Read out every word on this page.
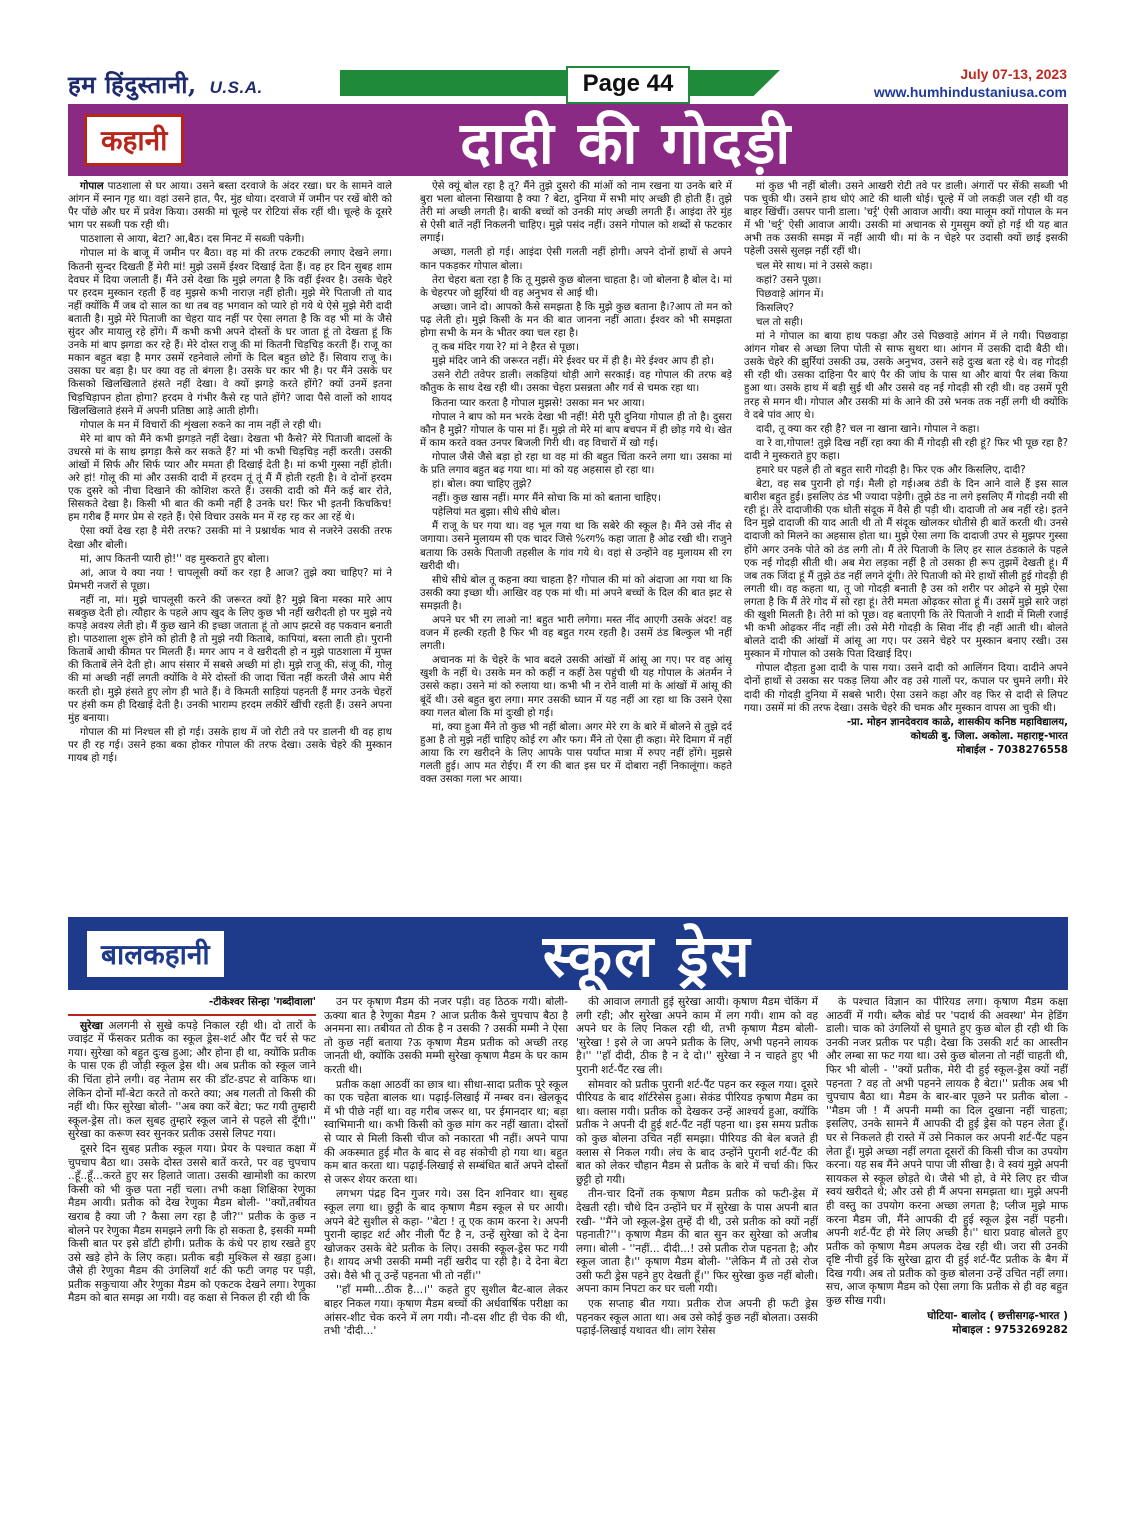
हम हिंदुस्तानी, U.S.A.	Page 44	July 07-13, 2023
www.humhindustaniusa.com
कहानी	दादी की गोदड़ी

गोपाल पाठशाला से घर आया। उसने बस्ता दरवाजे के अंदर रखा। घर के सामने वाले आंगन में स्नान गृह था। वहां उसने हात, पैर, मुंह धोया। दरवाजे में जमीन पर रखें बोरी को पैर पोंछे और घर में प्रवेश किया। उसकी मां चूल्हे पर रोटियां सेंक रहीं थी। चूल्हे के दूसरे भाग पर सब्जी पक रही थी।

पाठशाला से आया, बेटा? आ,बैठ। दस मिनट में सब्जी पकेगी।

गोपाल मां के बाजू में जमीन पर बैठा। वह मां की तरफ टकटकी लगाए देखने लगा। कितनी सुन्दर दिखती हैं मेरी मां! मुझे उसमें ईश्वर दिखाई देता हैं। वह हर दिन सुबह शाम देवघर में दिया जलाती हैं। मैंने उसे देखा कि मुझे लगता है कि वहीं ईश्वर है। उसके चेहरे पर हरदम मुस्कान रहती हैं वह मुझसे कभी नाराज़ नहीं होती। मुझे मेरे पिताजी तो याद नहीं क्योंकि मैं जब दो साल का था तब वह भगवान को प्यारे हो गये थे ऐसे मुझे मेरी दादी बताती है। मुझे मेरे पिताजी का चेहरा याद नहीं पर ऐसा लगता है कि वह भी मां के जैसे सुंदर और मायालु रहे होंगे। मैं कभी कभी अपने दोस्तों के घर जाता हूं तो देखता हूं कि उनके मां बाप झगडा कर रहे हैं। मेरे दोस्त राजु की मां कितनी चिड़चिड़ करती हैं। राजू का मकान बहुत बड़ा है मगर उसमें रहनेवाले लोगों के दिल बहुत छोटे हैं। सिवाय राजू के। उसका घर बड़ा है। घर क्या वह तो बंगला है। उसके घर कार भी है। पर मैंने उसके घर किसको खिलखिलाते हंसते नहीं देखा। वे क्यों झगड़े करते होंगे? क्यों उनमें इतना चिड़चिड़ापन होता होगा? हरदम वे गंभीर कैसे रह पाते होंगे? जादा पैसे वालों को शायद खिलखिलाते हंसने में अपनी प्रतिष्ठा आड़े आती होगी।

गोपाल के मन में विचारों की शृंखला रुकने का नाम नहीं ले रही थी।

मेरे मां बाप को मैंने कभी झगड़ते नहीं देखा। देखता भी कैसे? मेरे पिताजी बादलों के उधरसे मां के साथ झगड़ा कैसे कर सकते हैं? मां भी कभी चिड़चिड़ नहीं करती। उसकी आंखों में सिर्फ और सिर्फ प्यार और ममता ही दिखाई देती है। मां कभी गुस्सा नहीं होती। अरे हां! गोलू की मां और उसकी दादी में हरदम तूं तूं मैं मैं होती रहती है। वे दोनों हरदम एक दुसरे को नीचा दिखाने की कोशिश करते हैं। उसकी दादी को मैंने कई बार रोते, सिसकते देखा है। किसी भी बात की कमी नहीं है उनके घर! फिर भी इतनी किचकिच! हम गरीब हैं मगर प्रेम से रहते हैं। ऐसे विचार उसके मन में रह रह कर आ रहें थे।

ऐसा क्यों देख रहा है मेरी तरफ? उसकी मां ने प्रश्नार्थक भाव से नजरेने उसकी तरफ देखा और बोली।

मां, आप कितनी प्यारी हो!'' वह मुस्कराते हुए बोला।

आं, आज ये क्या नया ! चापलूसी क्यों कर रहा है आज? तुझे क्या चाहिए? मां ने प्रेमभरी नजरों से पूछा।

नहीं ना, मां। मुझे चापलूसी करने की जरूरत क्यों है? मुझे बिना मस्का मारे आप सबकुछ देती हो। त्यौहार के पहले आप खुद के लिए कुछ भी नहीं खरीदती हो पर मुझे नये कपड़े अवश्य लेती हो। मैं कुछ खाने की इच्छा जताता हूं तो आप झटसे वह पकवान बनाती हो। पाठशाला शुरू होने को होती है तो मुझे नयी किताबे, कापियां, बस्ता लाती हो। पुरानी किताबें आधी कीमत पर मिलती हैं। मगर आप न वे खरीदती हो न मुझे पाठशाला में मुफ्त की किताबें लेने देती हो। आप संसार में सबसे अच्छी मां हो। मुझे राजू की, संजू की, गोलू की मां अच्छी नहीं लगती क्योंकि वे मेरे दोस्तों की जादा चिंता नहीं करती जैसे आप मेरी करती हो। मुझे हंसते हुए लोग ही भाते हैं। वे किमती साड़ियां पहनती हैं मगर उनके चेहरों पर हंसी कम ही दिखाई देती है। उनकी भाराम्प हरदम लकीरें खींची रहती हैं। उसने अपना मुंह बनाया।

गोपाल की मां निश्चल सी हो गई। उसके हाथ में जो रोटी तवे पर डालनी थी वह हाथ पर ही रह गई। उसने हका बका होकर गोपाल की तरफ देखा। उसके चेहरे की मुस्कान गायब हो गई।

ऐसे क्यूं बोल रहा है तू? मैंने तुझे दुसरो की मांओं को नाम रखना या उनके बारे में बुरा भला बोलना सिखाया है क्या ? बेटा, दुनिया में सभी मांए अच्छी ही होती हैं। तुझे तेरी मां अच्छी लगती है। बाकी बच्चों को उनकी मांए अच्छी लगती हैं। आइंदा तेरे मुंह से ऐसी बातें नहीं निकलनी चाहिए। मुझे पसंद नहीं। उसने गोपाल को शब्दों से फटकार लगाई।

अच्छा, गलती हो गई। आइंदा ऐसी गलती नहीं होगी। अपने दोनों हाथों से अपने कान पकड़कर गोपाल बोला।

तेरा चेहरा बता रहा है कि तू मुझसे कुछ बोलना चाहता है। जो बोलना है बोल दे। मां के चेहरपर जो झुर्रियां थी वह अनुभव से आई थी।

अच्छा। जाने दो। आपको कैसे समझता है कि मुझे कुछ बताना है।?आप तो मन को पढ़ लेती हो। मुझे किसी के मन की बात जानना नहीं आता। ईश्वर को भी समझता होगा सभी के मन के भीतर क्या चल रहा है।

तू कब मंदिर गया रे? मां ने हैरत से पूछा।

मुझे मंदिर जाने की जरूरत नहीं। मेरे ईश्वर घर में ही है। मेरे ईश्वर आप ही हो।

उसने रोटी तवेपर डाली। लकड़ियां थोड़ी आगे सरकाई। वह गोपाल की तरफ बड़े कौतुक के साथ देख रही थी। उसका चेहरा प्रसन्नता और गर्व से चमक रहा था।

कितना प्यार करता है गोपाल मुझसे! उसका मन भर आया।

गोपाल ने बाप को मन भरके देखा भी नहीं! मेरी पूरी दुनिया गोपाल ही तो है। दुसरा कौन है मुझे? गोपाल के पास मां हैं। मुझे तो मेरे मां बाप बचपन में ही छोड़ गये थे। खेत में काम करते वक्त उनपर बिजली गिरी थी। वह विचारों में खो गई।

गोपाल जैसे जैसे बड़ा हो रहा था वह मां की बहुत चिंता करने लगा था। उसका मां के प्रति लगाव बहुत बढ़ गया था। मां को यह अहसास हो रहा था।

हां। बोल। क्या चाहिए तुझे?

नहीं। कुछ खास नहीं। मगर मैंने सोचा कि मां को बताना चाहिए।

पहेलियां मत बुझा। सीधे सीधे बोल।

मैं राजू के घर गया था। वह भूल गया था कि सबेरे की स्कूल है। मैंने उसे नींद से जगाया। उसने मुलायम सी एक चादर जिसे %रग% कहा जाता है ओढ रखी थी। राजुने बताया कि उसके पिताजी तहसील के गांव गये थे। वहां से उन्होंने वह मुलायम सी रग खरीदी थी।

सीधे सीधे बोल तू कहना क्या चाहता है? गोपाल की मां को अंदाजा आ गया था कि उसकी क्या इच्छा थी। आखिर वह एक मां थी। मां अपने बच्चों के दिल की बात झट से समझती है।

अपने घर भी रग लाओ ना! बहुत भारी लगेगा। मस्त नींद आएगी उसके अंदर! वह वजन में हल्की रहती है फिर भी वह बहुत गरम रहती है। उसमें ठंड बिल्कुल भी नहीं लगती।

अचानक मां के चेहरे के भाव बदले उसकी आंखों में आंसू आ गए। पर वह आंसू खुशी के नहीं थे। उसके मन को कहीं न कहीं ठेस पहुंची थी यह गोपाल के अंतर्मन ने उससे कहा। उसने मां को रुलाया था। कभी भी न रोने वाली मां के आंखों में आंसू की बूंदें थी। उसे बहुत बुरा लगा। मगर उसकी ध्यान में यह नहीं आ रहा था कि उसने ऐसा क्या गलत बोला कि मां दुःखी हो गई।

मां, क्या हुआ मैंने तो कुछ भी नहीं बोला। अगर मेरे रग के बारे में बोलने से तुझे दर्द हुआ है तो मुझे नहीं चाहिए कोई रग और फग। मैंने तो ऐसा ही कहा। मेरे दिमाग में नहीं आया कि रग खरीदने के लिए आपके पास पर्याप्त मात्रा में रुपए नहीं होंगे। मुझसे गलती हुई। आप मत रोईए। मैं रग की बात इस घर में दोबारा नहीं निकालूंगा। कहते वक्त उसका गला भर आया।

मां कुछ भी नहीं बोली। उसने आखरी रोटी तवे पर डाली। अंगारों पर सेंकी सब्जी भी पक चुकी थी। उसने हाथ धोएं आटे की थाली धोई। चूल्हे में जो लकड़ी जल रही थी वह बाहर खिंचीं। उसपर पानी डाला। 'चर्र्र' ऐसी आवाज आयी। क्या मालूम क्यों गोपाल के मन में भी 'चर्र्र' ऐसी आवाज आयी। उसकी मां अचानक से गुमसुम क्यों हो गई थी यह बात अभी तक उसकी समझ में नहीं आयी थी। मां के न चेहरे पर उदासी क्यों छाई इसकी पहेली उससे सुलझ नहीं रहीं थी।

चल मेरे साथ। मां ने उससे कहा।

कहां? उसने पूछा।

पिछवाड़े आंगन में।

किसलिए?

चल तो सही।

मां ने गोपाल का बाया हाथ पकड़ा और उसे पिछवाड़े आंगन में ले गयी। पिछवाड़ा आंगन गोबर से अच्छा लिपा पोती से साफ सुथरा था। आंगन में उसकी दादी बैठी थी। उसके चेहरे की झुर्रियां उसकी उम्र, उसके अनुभव, उसने सहे दुःख बता रहे थे। वह गोदड़ी सी रही थी। उसका दाहिना पैर बाएं पैर की जांघ के पास था और बायां पैर लंबा किया हुआ था। उसके हाथ में बड़ी सुई थी और उससे वह नई गोदड़ी सी रही थी। वह उसमें पूरी तरह से मगन थी। गोपाल और उसकी मां के आने की उसे भनक तक नहीं लगी थी क्योंकि वे दबे पांव आए थे।

दादी, तू क्या कर रही है? चल ना खाना खाने। गोपाल ने कहा।

वा रे वा,गोपाल! तुझे दिख नहीं रहा क्या की मैं गोदड़ी सी रही हूं? फिर भी पूछ रहा है? दादी ने मुस्कराते हुए कहा।

हमारे घर पहले ही तो बहुत सारी गोदड़ी है। फिर एक और किसलिए, दादी?

बेटा, वह सब पुरानी हो गई। मैली हो गई।अब ठंडी के दिन आने वाले हैं इस साल बारीश बहुत हुई। इसलिए ठंड भी ज्यादा पड़ेगी। तुझे ठंड ना लगे इसलिए मैं गोदड़ी नयी सी रही हूं। तेरे दादाजीकी एक धोती संदूक में वैसे ही पड़ी थी। दादाजी तो अब नहीं रहे। इतने दिन मुझे दादाजी की याद आती थी तो मैं संदूक खोलकर धोतीसे ही बातें करती थी। उनसे दादाजी को मिलने का अहसास होता था। मुझे ऐसा लगा कि दादाजी उपर से मुझपर गुस्सा होंगे अगर उनके पोते को ठंड लगी तो। मैं तेरे पिताजी के लिए हर साल ठंडकाले के पहले एक नई गोदड़ी सीती थी। अब मेरा लड़का नहीं है तो उसका ही रूप तुझमें देखती हूं। मैं जब तक जिंदा हूं मैं तुझे ठंड नहीं लगने दूंगी। तेरे पिताजी को मेरे हाथों सीली हुई गोदड़ी ही लगती थी। वह कहता था, तू जो गोदड़ी बनाती है उस को शरीर पर ओढ़ने से मुझे ऐसा लगता है कि मैं तेरे गोद में सो रहा हूं। तेरी ममता ओढ़कर सोता हूं मैं। उसमें मुझे सारे जहां की खुशी मिलती है। तेरी मां को पूछ। वह बताएगी कि तेरे पिताजी ने शादी में मिली रजाई भी कभी ओढ़कर नींद नहीं ली। उसे मेरी गोदड़ी के सिवा नींद ही नहीं आती थी। बोलते बोलते दादी की आंखों में आंसू आ गए। पर उसने चेहरे पर मुस्कान बनाए रखी। उस मुस्कान में गोपाल को उसके पिता दिखाई दिए।

गोपाल दौड़ता हुआ दादी के पास गया। उसने दादी को आलिंगन दिया। दादीने अपने दोनों हाथों से उसका सर पकड़ लिया और वह उसे गालों पर, कपाल पर चुमने लगी। मेरे दादी की गोदड़ी दुनिया में सबसे भारी। ऐसा उसने कहा और वह फिर से दादी से लिपट गया। उसमें मां की तरफ देखा। उसके चेहरे की चमक और मुस्कान वापस आ चुकी थी।

-प्रा. मोहन ज्ञानदेवराव काळे, शासकीय कनिष्ठ महाविद्यालय,

कोथळी बु. जिला. अकोला. महाराष्ट्र-भारत

मोबाईल - 7038276558

बालकहानी	स्कूल ड्रेस
-टीकेश्वर सिन्हा 'गब्दीवाला'

सुरेखा अलगनी से सुखे कपड़े निकाल रही थी। दो तारों के ज्वाइंट में फँसकर प्रतीक का स्कूल ड्रेस-शर्ट और पैंट चर्र से फट गया। सुरेखा को बहुत दुःख हुआ; और होना ही था, क्योंकि प्रतीक के पास एक ही जोड़ी स्कूल ड्रेस थी। अब प्रतीक को स्कूल जाने की चिंता होने लगी। वह नेताम सर की डाँट-डपट से वाकिफ था। लेकिन दोनों माँ-बेटा करते तो करते क्या; अब गलती तो किसी की नहीं थी। फिर सुरेखा बोली- ''अब क्या करें बेटा; फट गयी तुम्हारी स्कूल-ड्रेस तो। कल सुबह तुम्हारे स्कूल जाने से पहले सी दूँगी।'' सुरेखा का करूण स्वर सुनकर प्रतीक उससे लिपट गया।

दूसरे दिन सुबह प्रतीक स्कूल गया। प्रेयर के पश्चात कक्षा में चुपचाप बैठा था। उसके दोस्त उससे बातें करते, पर वह चुपचाप ..हूँ..हूँ...करते हुए सर हिलाते जाता। उसकी खामोशी का कारण किसी को भी कुछ पता नहीं चला। तभी कक्षा शिक्षिका रेणुका मैडम आयी। प्रतीक को देख रेणुका मैडम बोली- ''क्यों,तबीयत खराब है क्या जी ? कैसा लग रहा है जी?'' प्रतीक के कुछ न बोलने पर रेणुका मैडम समझने लगी कि हो सकता है, इसकी मम्मी किसी बात पर इसे डाँटी होगी। प्रतीक के कंधे पर हाथ रखते हुए उसे खड़े होने के लिए कहा। प्रतीक बड़ी मुश्किल से खड़ा हुआ। जैसे ही रेणुका मैडम की उंगलियाँ शर्ट की फटी जगह पर पड़ी, प्रतीक सकुचाया और रेणुका मैडम को एकटक देखने लगा। रेणुका मैडम को बात समझ आ गयी। वह कक्षा से निकल ही रही थी कि

उन पर कृषाण मैडम की नजर पड़ी। वह ठिठक गयी। बोली- ऊक्या बात है रेणुका मैडम ? आज प्रतीक कैसे चुपचाप बैठा है अनमना सा। तबीयत तो ठीक है न उसकी ? उसकी मम्मी ने ऐसा तो कुछ नहीं बताया ?ऊ कृषाण मैडम प्रतीक को अच्छी तरह जानती थी, क्योंकि उसकी मम्मी सुरेखा कृषाण मैडम के घर काम करती थी।

प्रतीक कक्षा आठवीं का छात्र था। सीधा-सादा प्रतीक पूरे स्कूल का एक चहेता बालक था। पढ़ाई-लिखाई में नम्बर वन। खेलकूद में भी पीछे नहीं था। वह गरीब जरूर था, पर ईमानदार था; बड़ा स्वाभिमानी था। कभी किसी को कुछ मांग कर नहीं खाता। दोस्तों से प्यार से मिली किसी चीज को नकारता भी नहीं। अपने पापा की अकस्मात हुई मौत के बाद से वह संकोची हो गया था। बहुत कम बात करता था। पढ़ाई-लिखाई से सम्बंधित बातें अपने दोस्तों से जरूर शेयर करता था।

लगभग पंद्रह दिन गुजर गये। उस दिन शनिवार था। सुबह स्कूल लगा था। छुट्टी के बाद कृषाण मैडम स्कूल से घर आयी। अपने बेटे सुशील से कहा- ''बेटा ! तू एक काम करना रे। अपनी पुरानी व्हाइट शर्ट और नीली पैंट है न, उन्हें सुरेखा को दे देना खोजकर उसके बेटे प्रतीक के लिए। उसकी स्कूल-ड्रेस फट गयी है। शायद अभी उसकी मम्मी नहीं खरीद पा रही है। दे देना बेटा उसे। वैसे भी तू उन्हें पहनता भी तो नहीं।''

''हाँ मम्मी...ठीक है...।'' कहते हुए सुशील बैट-बाल लेकर बाहर निकल गया। कृषाण मैडम बच्चों की अर्धवार्षिक परीक्षा का आंसर-शीट चेक करने में लग गयी। नौ-दस शीट ही चेक की थी, तभी 'दीदी...'

की आवाज लगाती हुई सुरेखा आयी। कृषाण मैडम चेकिंग में लगी रही; और सुरेखा अपने काम में लग गयी। शाम को वह अपने घर के लिए निकल रही थी, तभी कृषाण मैडम बोली-'सुरेखा ! इसे ले जा अपने प्रतीक के लिए, अभी पहनने लायक है।'' ''हाँ दीदी, ठीक है न दे दो।'' सुरेखा ने न चाहते हुए भी पुरानी शर्ट-पैंट रख ली।

सोमवार को प्रतीक पुरानी शर्ट-पैंट पहन कर स्कूल गया। दूसरे पीरियड के बाद शॉर्टरेसेस हुआ। सेकंड पीरियड कृषाण मैडम का था। क्लास गयी। प्रतीक को देखकर उन्हें आश्चर्य हुआ, क्योंकि प्रतीक ने अपनी दी हुई शर्ट-पैंट नहीं पहना था। इस समय प्रतीक को कुछ बोलना उचित नहीं समझा। पीरियड की बेल बजते ही क्लास से निकल गयी। लंच के बाद उन्होंने पुरानी शर्ट-पैंट की बात को लेकर चौहान मैडम से प्रतीक के बारे में चर्चा की। फिर छुट्टी हो गयी।

तीन-चार दिनों तक कृषाण मैडम प्रतीक को फटी-ड्रेस में देखती रही। चौथे दिन उन्होंने घर में सुरेखा के पास अपनी बात रखी- ''मैंने जो स्कूल-ड्रेस तुम्हें दी थी, उसे प्रतीक को क्यों नहीं पहनाती?''। कृषाण मैडम की बात सुन कर सुरेखा को अजीब लगा। बोली - ''नहीं... दीदी...! उसे प्रतीक रोज पहनता है; और स्कूल जाता है।'' कृषाण मैडम बोली- ''लेकिन मैं तो उसे रोज उसी फटी ड्रेस पहने हुए देखती हूँ।'' फिर सुरेखा कुछ नहीं बोली। अपना काम निपटा कर घर चली गयी।

एक सप्ताह बीत गया। प्रतीक रोज अपनी ही फटी ड्रेस पहनकर स्कूल आता था। अब उसे कोई कुछ नहीं बोलता। उसकी पढ़ाई-लिखाई यथावत थी। लांग रेसेस

के पश्चात विज्ञान का पीरियड लगा। कृषाण मैडम कक्षा आठवीं में गयी। ब्लैक बोर्ड पर 'पदार्थ की अवस्था' मेन हेडिंग डाली। चाक को उंगलियों से घुमाते हुए कुछ बोल ही रही थी कि उनकी नजर प्रतीक पर पड़ी। देखा कि उसकी शर्ट का आस्तीन और लम्बा सा फट गया था। उसे कुछ बोलना तो नहीं चाहती थी, फिर भी बोली - ''क्यों प्रतीक, मेरी दी हुई स्कूल-ड्रेस क्यों नहीं पहनता ? वह तो अभी पहनने लायक है बेटा।'' प्रतीक अब भी चुपचाप बैठा था। मैडम के बार-बार पूछने पर प्रतीक बोला -''मैडम जी ! मैं अपनी मम्मी का दिल दुखाना नहीं चाहता; इसलिए, उनके सामने मैं आपकी दी हुई ड्रेस को पहन लेता हूँ। घर से निकलते ही रास्ते में उसे निकाल कर अपनी शर्ट-पैंट पहन लेता हूँ। मुझे अच्छा नहीं लगता दूसरों की किसी चीज का उपयोग करना। यह सब मैंने अपने पापा जी सीखा है। वे स्वयं मुझे अपनी सायकल से स्कूल छोड़ते थे। जैसे भी हो, वे मेरे लिए हर चीज स्वयं खरीदते थे; और उसे ही मैं अपना समझता था। मुझे अपनी ही वस्तु का उपयोग करना अच्छा लगता है; प्लीज मुझे माफ करना मैडम जी, मैंने आपकी दी हुई स्कूल ड्रेस नहीं पहनी। अपनी शर्ट-पैंट ही मेरे लिए अच्छी है।'' धारा प्रवाह बोलते हुए प्रतीक को कृषाण मैडम अपलक देख रही थी। जरा सी उनकी दृष्टि नीची हुई कि सुरेखा द्वारा दी हुई शर्ट-पैंट प्रतीक के बैग में दिख गयी। अब तो प्रतीक को कुछ बोलना उन्हें उचित नहीं लगा। सच, आज कृषाण मैडम को ऐसा लगा कि प्रतीक से ही वह बहुत कुछ सीख गयी।

घोटिया- बालोद ( छत्तीसगढ़-भारत )

मोबाइल : 9753269282
